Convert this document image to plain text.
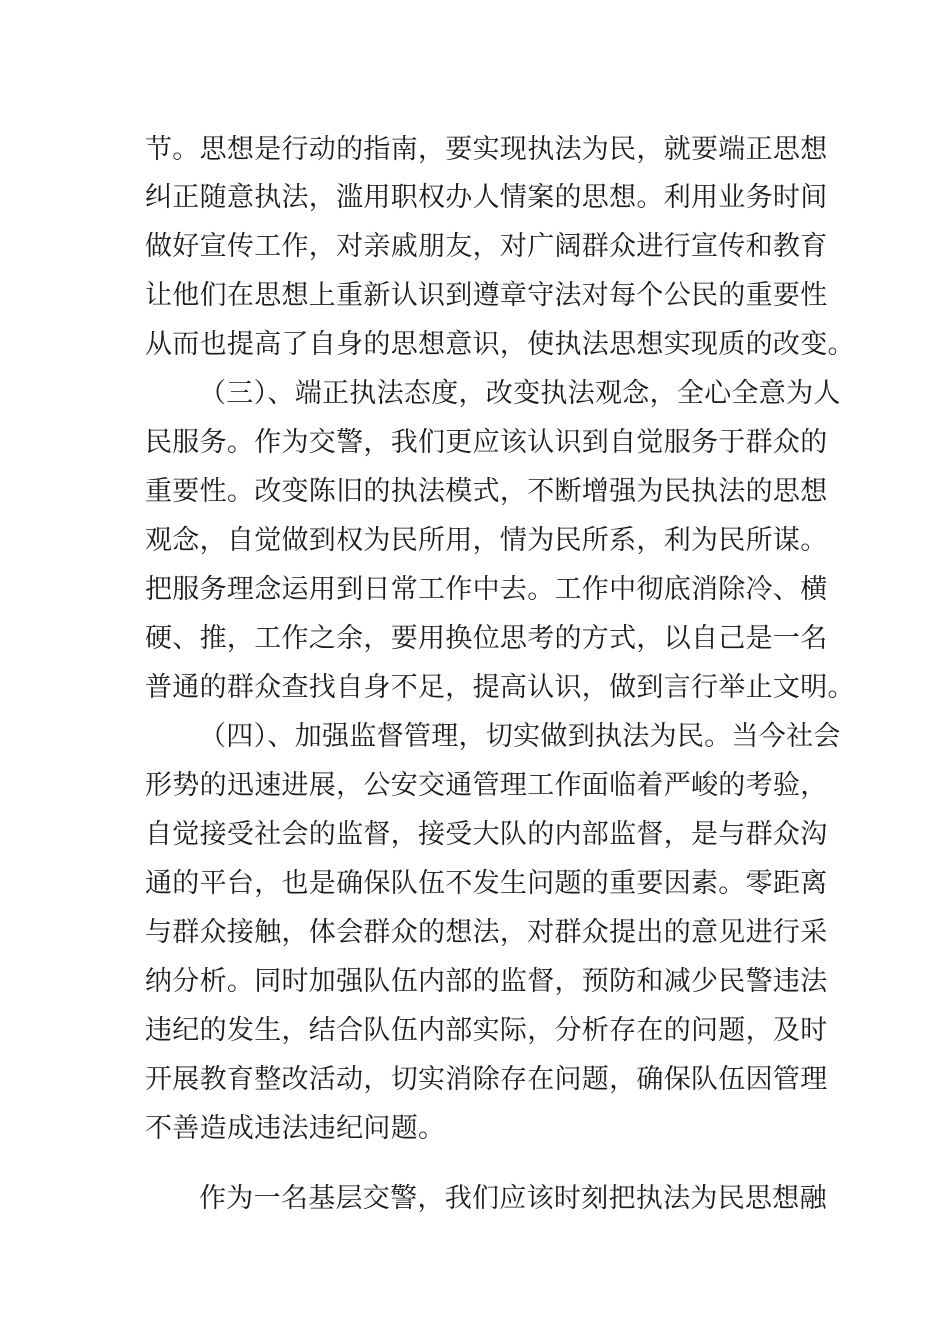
节。思想是行动的指南，要实现执法为民，就要端正思想
纠正随意执法，滥用职权办人情案的思想。利用业务时间
做好宣传工作，对亲戚朋友，对广阔群众进行宣传和教育
让他们在思想上重新认识到遵章守法对每个公民的重要性
从而也提高了自身的思想意识，使执法思想实现质的改变。
（三）、端正执法态度，改变执法观念，全心全意为人
民服务。作为交警，我们更应该认识到自觉服务于群众的
重要性。改变陈旧的执法模式，不断增强为民执法的思想
观念，自觉做到权为民所用，情为民所系，利为民所谋。
把服务理念运用到日常工作中去。工作中彻底消除冷、横
硬、推，工作之余，要用换位思考的方式，以自己是一名
普通的群众查找自身不足，提高认识，做到言行举止文明。
（四）、加强监督管理，切实做到执法为民。当今社会
形势的迅速进展，公安交通管理工作面临着严峻的考验，
自觉接受社会的监督，接受大队的内部监督，是与群众沟
通的平台，也是确保队伍不发生问题的重要因素。零距离
与群众接触，体会群众的想法，对群众提出的意见进行采
纳分析。同时加强队伍内部的监督，预防和减少民警违法
违纪的发生，结合队伍内部实际，分析存在的问题，及时
开展教育整改活动，切实消除存在问题，确保队伍因管理
不善造成违法违纪问题。
作为一名基层交警，我们应该时刻把执法为民思想融
